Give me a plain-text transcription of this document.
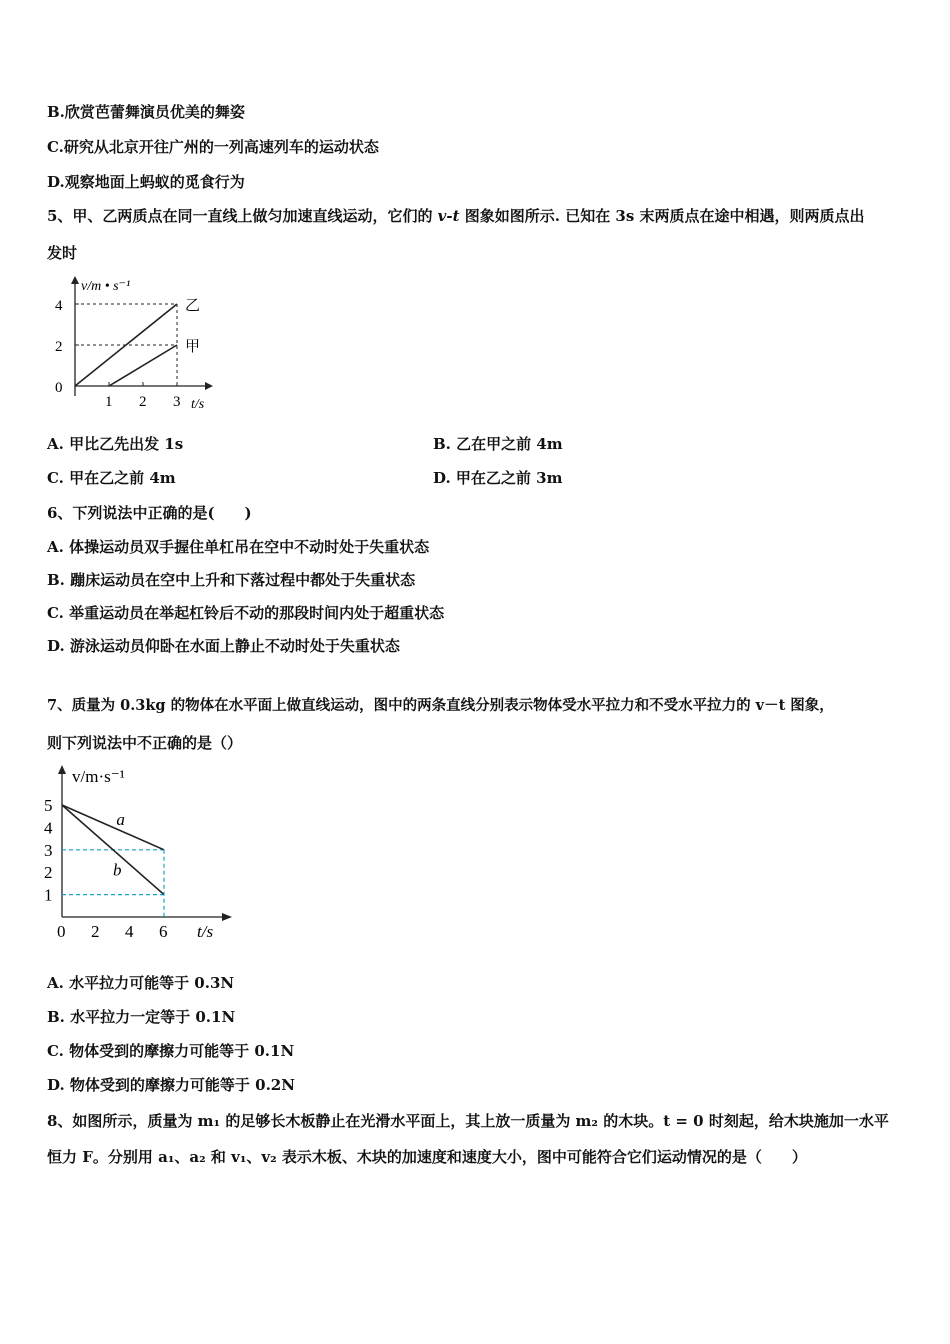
B.欣赏芭蕾舞演员优美的舞姿
C.研究从北京开往广州的一列高速列车的运动状态
D.观察地面上蚂蚁的觅食行为
5、甲、乙两质点在同一直线上做匀加速直线运动，它们的 v-t 图象如图所示. 已知在 3s 末两质点在途中相遇，则两质点出
发时
v/m • s⁻¹
t/s
1 2 3
0
2
4	乙
甲
A. 甲比乙先出发 1s	B. 乙在甲之前 4m
C. 甲在乙之前 4m	D. 甲在乙之前 3m
6、下列说法中正确的是(　　)
A. 体操运动员双手握住单杠吊在空中不动时处于失重状态
B. 蹦床运动员在空中上升和下落过程中都处于失重状态
C. 举重运动员在举起杠铃后不动的那段时间内处于超重状态
D. 游泳运动员仰卧在水面上静止不动时处于失重状态
7、质量为 0.3kg 的物体在水平面上做直线运动，图中的两条直线分别表示物体受水平拉力和不受水平拉力的 v－t 图象，
则下列说法中不正确的是（）
v/m·s⁻¹
t/s
0 2 4 6
1
2
3
4
5
a
b
A. 水平拉力可能等于 0.3N
B. 水平拉力一定等于 0.1N
C. 物体受到的摩擦力可能等于 0.1N
D. 物体受到的摩擦力可能等于 0.2N
8、如图所示，质量为 m₁ 的足够长木板静止在光滑水平面上，其上放一质量为 m₂ 的木块。t = 0 时刻起，给木块施加一水平
恒力 F。分别用 a₁、a₂ 和 v₁、v₂ 表示木板、木块的加速度和速度大小，图中可能符合它们运动情况的是（　　）
